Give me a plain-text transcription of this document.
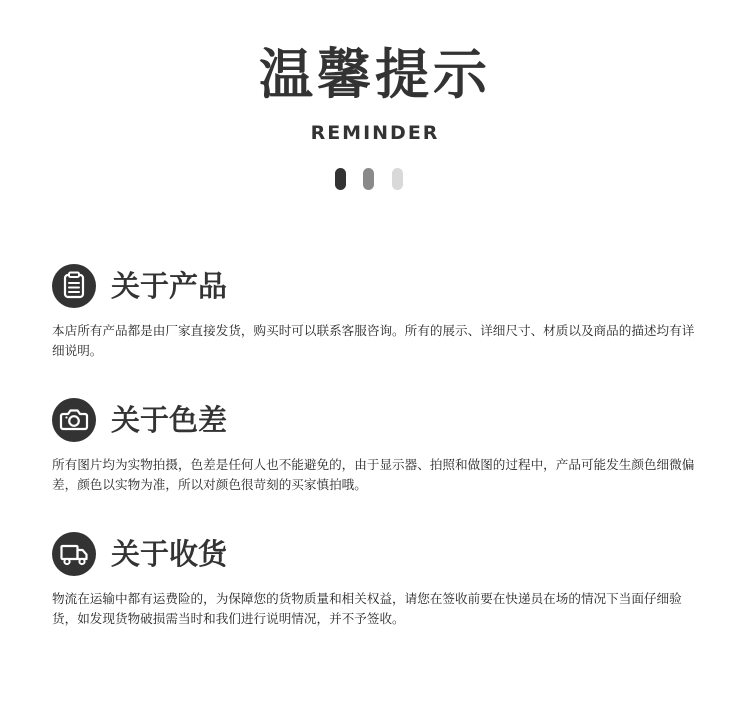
温馨提示
REMINDER
关于产品
本店所有产品都是由厂家直接发货，购买时可以联系客服咨询。所有的展示、详细尺寸、材质以及商品的描述均有详细说明。
关于色差
所有图片均为实物拍摄，色差是任何人也不能避免的，由于显示器、拍照和做图的过程中，产品可能发生颜色细微偏差，颜色以实物为准，所以对颜色很苛刻的买家慎拍哦。
关于收货
物流在运输中都有运费险的，为保障您的货物质量和相关权益，请您在签收前要在快递员在场的情况下当面仔细验货，如发现货物破损需当时和我们进行说明情况，并不予签收。
